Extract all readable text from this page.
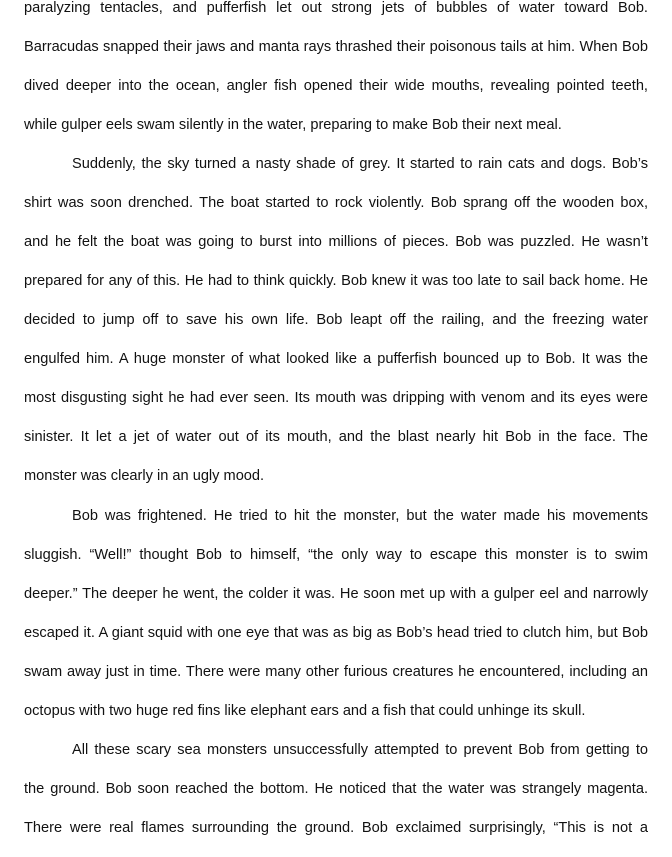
paralyzing tentacles, and pufferfish let out strong jets of bubbles of water toward Bob.
Barracudas snapped their jaws and manta rays thrashed their poisonous tails at him. When Bob
dived deeper into the ocean, angler fish opened their wide mouths, revealing pointed teeth,
while gulper eels swam silently in the water, preparing to make Bob their next meal.
Suddenly, the sky turned a nasty shade of grey. It started to rain cats and dogs. Bob’s
shirt was soon drenched. The boat started to rock violently. Bob sprang off the wooden box,
and he felt the boat was going to burst into millions of pieces. Bob was puzzled. He wasn’t
prepared for any of this. He had to think quickly. Bob knew it was too late to sail back home. He
decided to jump off to save his own life. Bob leapt off the railing, and the freezing water
engulfed him. A huge monster of what looked like a pufferfish bounced up to Bob. It was the
most disgusting sight he had ever seen. Its mouth was dripping with venom and its eyes were
sinister. It let a jet of water out of its mouth, and the blast nearly hit Bob in the face. The
monster was clearly in an ugly mood.
Bob was frightened. He tried to hit the monster, but the water made his movements
sluggish. “Well!” thought Bob to himself, “the only way to escape this monster is to swim
deeper.” The deeper he went, the colder it was. He soon met up with a gulper eel and narrowly
escaped it. A giant squid with one eye that was as big as Bob’s head tried to clutch him, but Bob
swam away just in time. There were many other furious creatures he encountered, including an
octopus with two huge red fins like elephant ears and a fish that could unhinge its skull.
All these scary sea monsters unsuccessfully attempted to prevent Bob from getting to
the ground. Bob soon reached the bottom. He noticed that the water was strangely magenta.
There were real flames surrounding the ground. Bob exclaimed surprisingly, “This is not a
